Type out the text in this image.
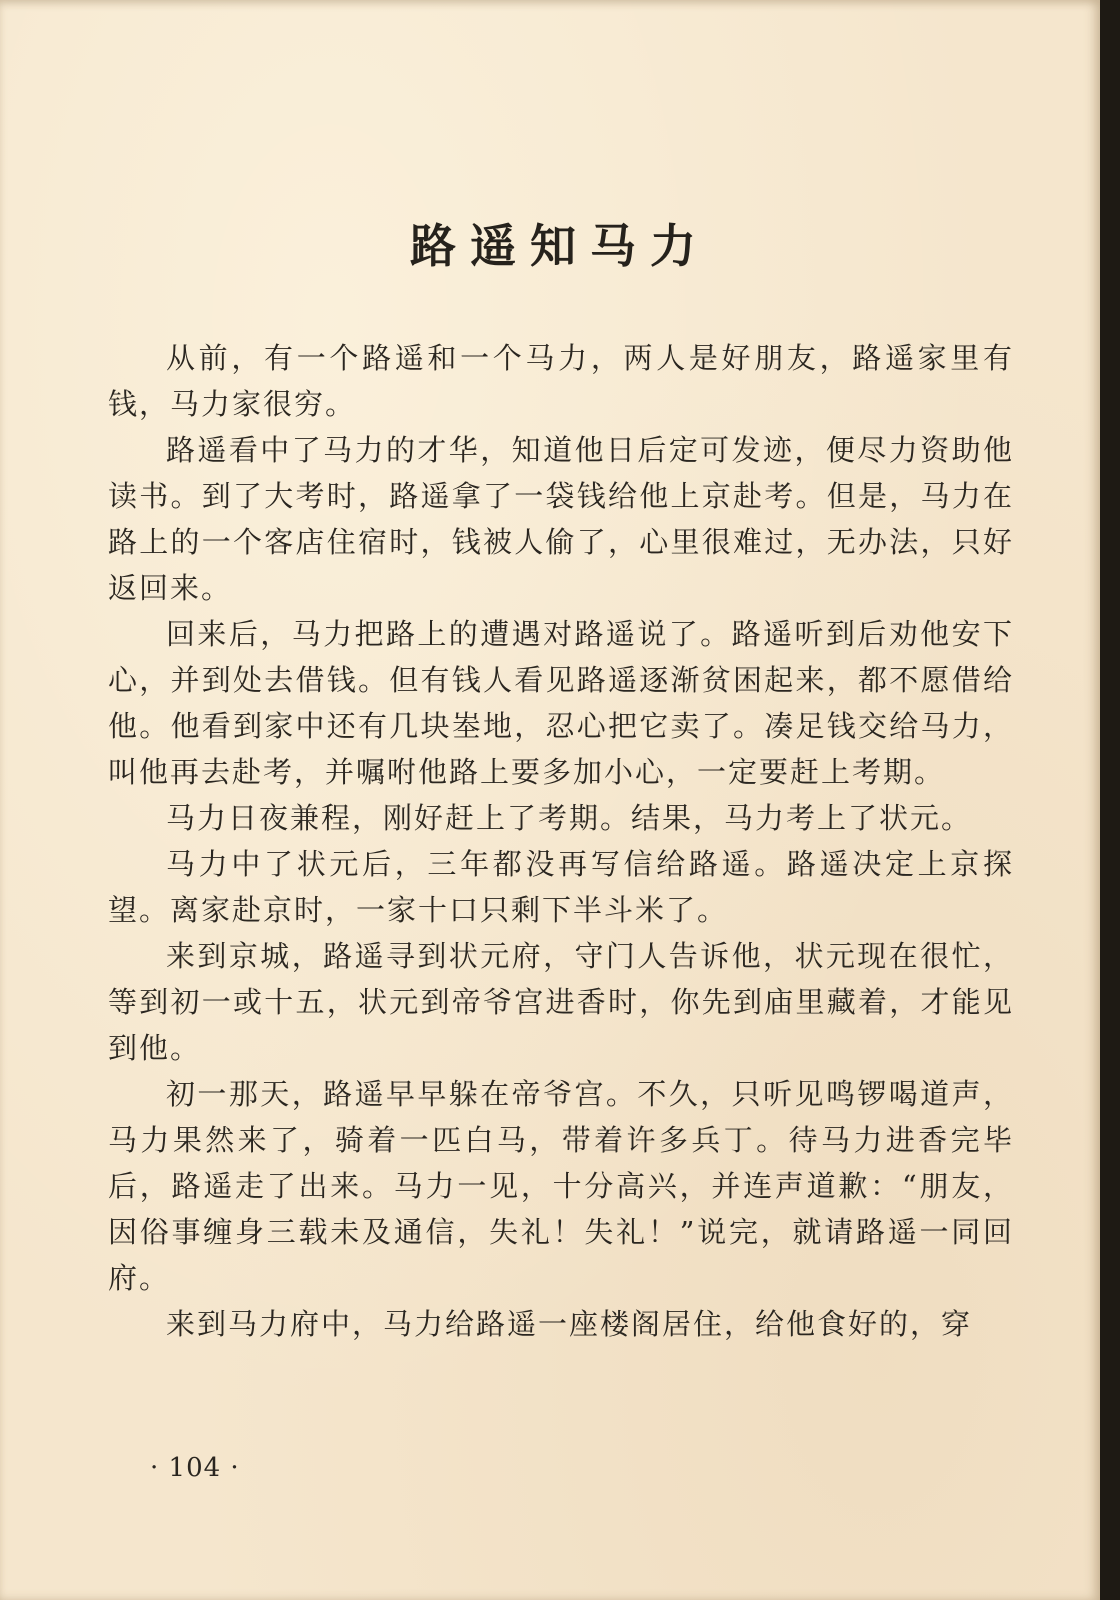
路遥知马力

从前，有一个路遥和一个马力，两人是好朋友，路遥家里有钱，马力家很穷。

路遥看中了马力的才华，知道他日后定可发迹，便尽力资助他读书。到了大考时，路遥拿了一袋钱给他上京赴考。但是，马力在路上的一个客店住宿时，钱被人偷了，心里很难过，无办法，只好返回来。

回来后，马力把路上的遭遇对路遥说了。路遥听到后劝他安下心，并到处去借钱。但有钱人看见路遥逐渐贫困起来，都不愿借给他。他看到家中还有几块峚地，忍心把它卖了。凑足钱交给马力，叫他再去赴考，并嘱咐他路上要多加小心，一定要赶上考期。

马力日夜兼程，刚好赶上了考期。结果，马力考上了状元。

马力中了状元后，三年都没再写信给路遥。路遥决定上京探望。离家赴京时，一家十口只剩下半斗米了。

来到京城，路遥寻到状元府，守门人告诉他，状元现在很忙，等到初一或十五，状元到帝爷宫进香时，你先到庙里藏着，才能见到他。

初一那天，路遥早早躲在帝爷宫。不久，只听见鸣锣喝道声，马力果然来了，骑着一匹白马，带着许多兵丁。待马力进香完毕后，路遥走了出来。马力一见，十分高兴，并连声道歉：“朋友，因俗事缠身三载未及通信，失礼！失礼！”说完，就请路遥一同回府。

来到马力府中，马力给路遥一座楼阁居住，给他食好的，穿

· 104 ·
